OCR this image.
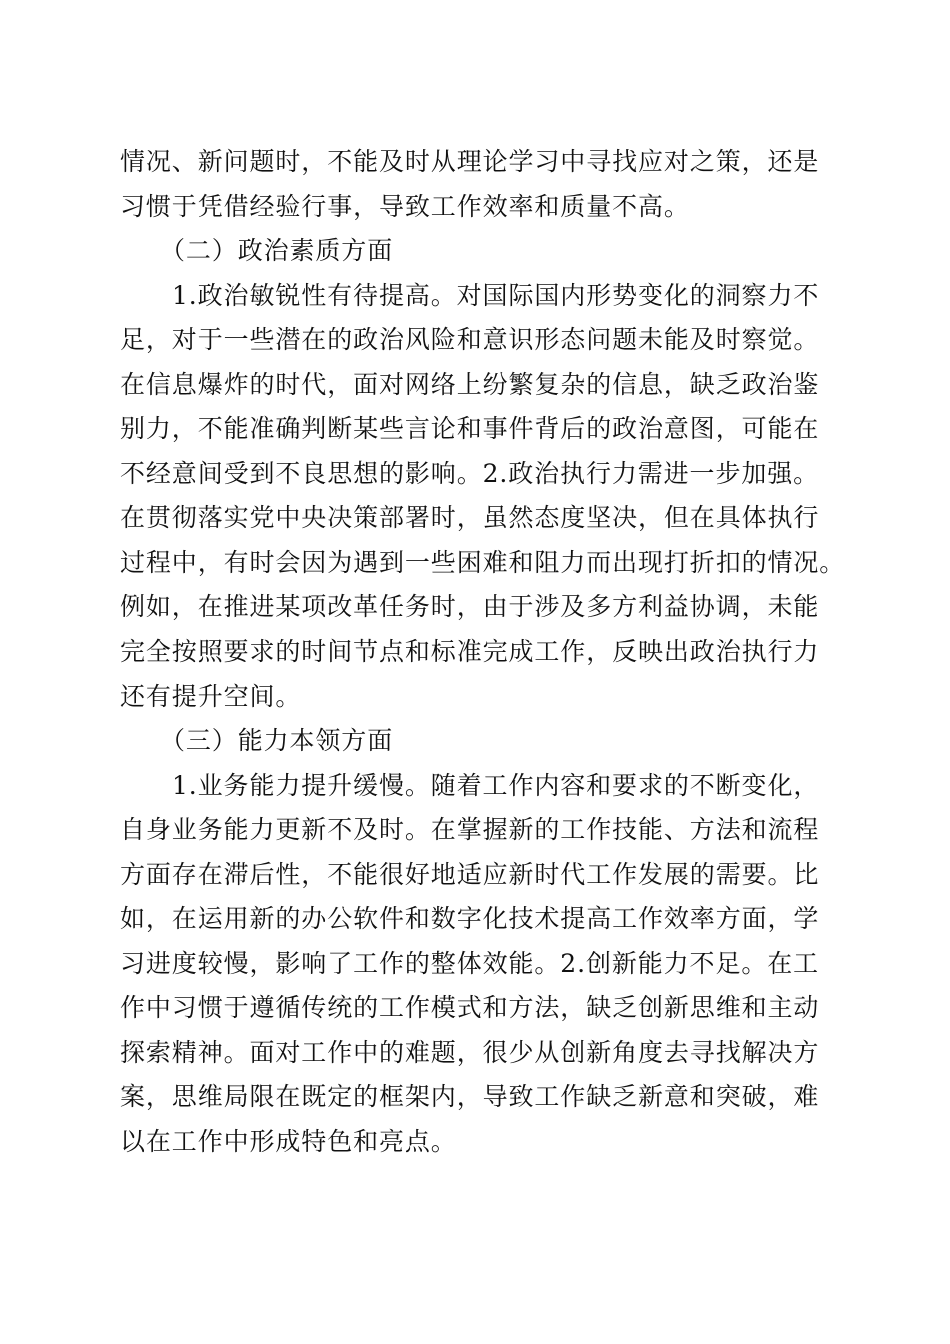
情况、新问题时，不能及时从理论学习中寻找应对之策，还是
习惯于凭借经验行事，导致工作效率和质量不高。
（二）政治素质方面
1.政治敏锐性有待提高。对国际国内形势变化的洞察力不
足，对于一些潜在的政治风险和意识形态问题未能及时察觉。
在信息爆炸的时代，面对网络上纷繁复杂的信息，缺乏政治鉴
别力，不能准确判断某些言论和事件背后的政治意图，可能在
不经意间受到不良思想的影响。2.政治执行力需进一步加强。
在贯彻落实党中央决策部署时，虽然态度坚决，但在具体执行
过程中，有时会因为遇到一些困难和阻力而出现打折扣的情况。
例如，在推进某项改革任务时，由于涉及多方利益协调，未能
完全按照要求的时间节点和标准完成工作，反映出政治执行力
还有提升空间。
（三）能力本领方面
1.业务能力提升缓慢。随着工作内容和要求的不断变化，
自身业务能力更新不及时。在掌握新的工作技能、方法和流程
方面存在滞后性，不能很好地适应新时代工作发展的需要。比
如，在运用新的办公软件和数字化技术提高工作效率方面，学
习进度较慢，影响了工作的整体效能。2.创新能力不足。在工
作中习惯于遵循传统的工作模式和方法，缺乏创新思维和主动
探索精神。面对工作中的难题，很少从创新角度去寻找解决方
案，思维局限在既定的框架内，导致工作缺乏新意和突破，难
以在工作中形成特色和亮点。
